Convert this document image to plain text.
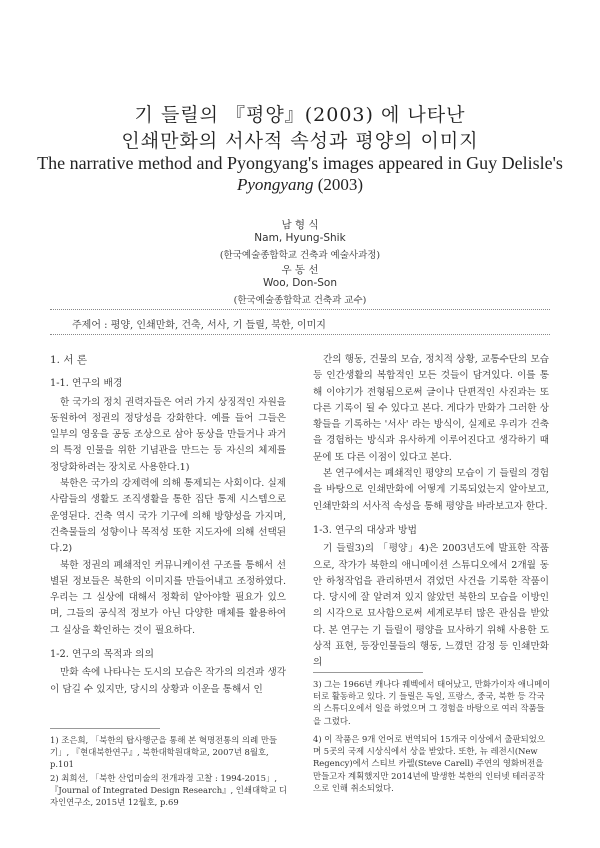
기 들릴의 『평양』(2003) 에 나타난
인쇄만화의 서사적 속성과 평양의 이미지
The narrative method and Pyongyang's images appeared in Guy Delisle's
Pyongyang (2003)
남 형 식
Nam, Hyung-Shik
(한국예술종합학교 건축과 예술사과정)
우 동 선
Woo, Don-Son
(한국예술종합학교 건축과 교수)
주제어 : 평양, 인쇄만화, 건축, 서사, 기 들릴, 북한, 이미지
1. 서 론
1-1. 연구의 배경

한 국가의 정치 권력자들은 여러 가지 상징적인 자원을 동원하여 정권의 정당성을 강화한다. 예를 들어 그들은 일부의 영웅을 공동 조상으로 삼아 동상을 만들거나 과거의 특정 인물을 위한 기념관을 만드는 등 자신의 체제를 정당화하려는 장치로 사용한다.1)

북한은 국가의 강제력에 의해 통제되는 사회이다. 실제 사람들의 생활도 조직생활을 통한 집단 통제 시스템으로 운영된다. 건축 역시 국가 기구에 의해 방향성을 가지며, 건축물들의 성향이나 목적성 또한 지도자에 의해 선택된다.2)

북한 정권의 폐쇄적인 커뮤니케이션 구조를 통해서 선별된 정보들은 북한의 이미지를 만들어내고 조정하였다. 우리는 그 실상에 대해서 정확히 알아야할 필요가 있으며, 그들의 공식적 정보가 아닌 다양한 매체를 활용하여 그 실상을 확인하는 것이 필요하다.

1-2. 연구의 목적과 의의

만화 속에 나타나는 도시의 모습은 작가의 의견과 생각이 담길 수 있지만, 당시의 상황과 이운을 통해서 인

간의 행동, 건물의 모습, 정치적 상황, 교통수단의 모습 등 인간생활의 복합적인 모든 것들이 담겨있다. 이를 통해 이야기가 전형됨으로써 글이나 단편적인 사진과는 또 다른 기록이 될 수 있다고 본다. 게다가 만화가 그러한 상황들을 기록하는 '서사' 라는 방식이, 실제로 우리가 건축을 경험하는 방식과 유사하게 이루어진다고 생각하기 때문에 또 다른 이점이 있다고 본다.

본 연구에서는 폐쇄적인 평양의 모습이 기 들릴의 경험을 바탕으로 인쇄만화에 어떻게 기록되었는지 알아보고, 인쇄만화의 서사적 속성을 통해 평양을 바라보고자 한다.

1-3. 연구의 대상과 방법

기 들릴3)의 「평양」4)은 2003년도에 발표한 작품으로, 작가가 북한의 애니메이션 스튜디오에서 2개월 동안 하청작업을 관리하면서 겪었던 사건을 기록한 작품이다. 당시에 잘 알려져 있지 않았던 북한의 모습을 이방인의 시각으로 묘사함으로써 세계로부터 많은 관심을 받았다. 본 연구는 기 들릴이 평양을 묘사하기 위해 사용한 도상적 표현, 등장인물들의 행동, 느꼈던 감정 등 인쇄만화의

1) 조은희, 「북한의 탑사행군을 통해 본 혁명전통의 의례 만들기」, 『현대북한연구』, 북한대학원대학교, 2007년 8월호, p.101
2) 최희선, 「북한 산업미술의 전개과정 고찰 : 1994-2015」, 『Journal of Integrated Design Research』, 인쇄대학교 디자인연구소, 2015년 12월호, p.69
3) 그는 1966년 캐나다 퀘벡에서 태어났고, 만화가이자 애니메이터로 활동하고 있다. 기 들릴은 독일, 프랑스, 중국, 북한 등 각국의 스튜디오에서 일을 하였으며 그 경험을 바탕으로 여러 작품들을 그렸다.
4) 이 작품은 9개 언어로 번역되어 15개국 이상에서 출판되었으며 5곳의 국제 시상식에서 상을 받았다. 또한, 뉴 레전시(New Regency)에서 스티브 카렐(Steve Carell) 주연의 영화버전을 만들고자 계획했지만 2014년에 발생한 북한의 인터넷 테러공작으로 인해 취소되었다.
